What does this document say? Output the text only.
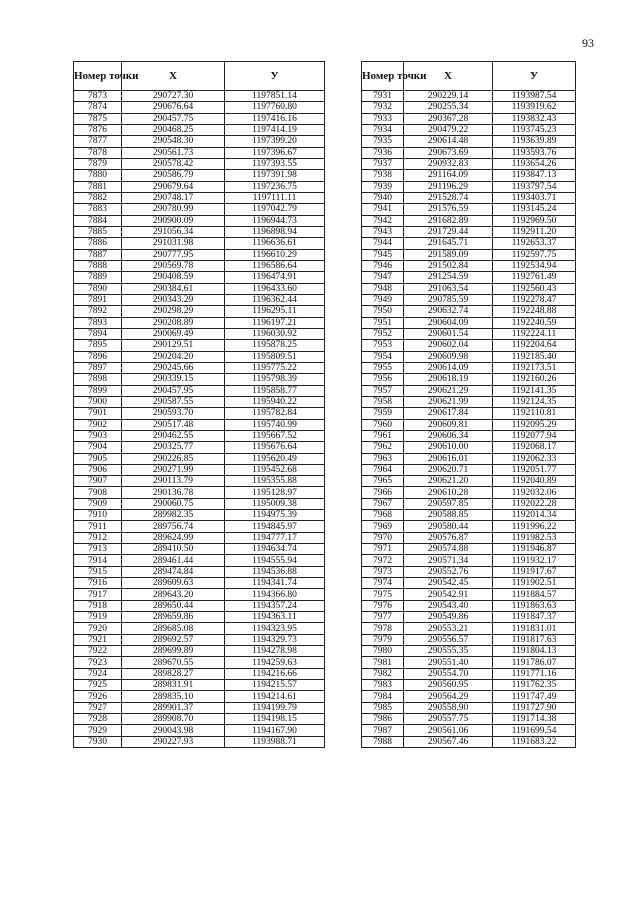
93
Номер точки	X	У
7873	290727.30	1197851.14
7874	290676.64	1197760.80
7875	290457.75	1197416.16
7876	290468.25	1197414.19
7877	290548.30	1197399.20
7878	290561.73	1197396.67
7879	290578.42	1197393.55
7880	290586.79	1197391.98
7881	290679.64	1197236.75
7882	290748.17	1197111.11
7883	290780.99	1197042.79
7884	290900.09	1196944.73
7885	291056.34	1196898.94
7886	291031.98	1196636.61
7887	290777.95	1196610.29
7888	290569.78	1196586.64
7889	290408.59	1196474.91
7890	290384.61	1196433.60
7891	290343.29	1196362.44
7892	290298.29	1196295.11
7893	290208.89	1196197.21
7894	290069.49	1196030.92
7895	290129.51	1195878.25
7896	290204.20	1195809.51
7897	290245.66	1195775.22
7898	290339.15	1195798.39
7899	290457.95	1195858.77
7900	290587.55	1195940.22
7901	290593.70	1195782.84
7902	290517.48	1195740.99
7903	290462.55	1195667.52
7904	290325.77	1195676.64
7905	290226.85	1195620.49
7906	290271.99	1195452.68
7907	290113.79	1195355.88
7908	290136.78	1195128.97
7909	290060.75	1195009.38
7910	289982.35	1194975.39
7911	289756.74	1194845.97
7912	289624.99	1194777.17
7913	289410.50	1194634.74
7914	289461.44	1194555.94
7915	289474.84	1194536.88
7916	289609.63	1194341.74
7917	289643.20	1194366.80
7918	289650.44	1194357.24
7919	289659.86	1194363.11
7920	289685.08	1194323.95
7921	289692.57	1194329.73
7922	289699.89	1194278.98
7923	289670.55	1194259.63
7924	289828.27	1194216.66
7925	289831.91	1194215.57
7926	289835.10	1194214.61
7927	289901.37	1194199.79
7928	289908.70	1194198.15
7929	290043.98	1194167.90
7930	290227.93	1193988.71
Номер точки	X	У
7931	290229.14	1193987.54
7932	290255.34	1193919.62
7933	290367.28	1193832.43
7934	290479.22	1193745.23
7935	290614.48	1193639.89
7936	290673.69	1193593.76
7937	290932.83	1193654.26
7938	291164.09	1193847.13
7939	291196.29	1193797.54
7940	291528.74	1193403.71
7941	291576.59	1193145.24
7942	291682.89	1192969.50
7943	291729.44	1192911.20
7944	291645.71	1192653.37
7945	291589.09	1192597.75
7946	291502.84	1192534.94
7947	291254.59	1192761.49
7948	291063.54	1192560.43
7949	290785.59	1192278.47
7950	290632.74	1192248.88
7951	290604.09	1192240.59
7952	290601.54	1192224.11
7953	290602.04	1192204.64
7954	290609.98	1192185.40
7955	290614.09	1192173.51
7956	290618.19	1192160.26
7957	290621.29	1192141.35
7958	290621.99	1192124.35
7959	290617.84	1192110.81
7960	290609.81	1192095.29
7961	290606.34	1192077.94
7962	290610.00	1192068.17
7963	290616.01	1192062.33
7964	290620.71	1192051.77
7965	290621.20	1192040.89
7966	290610.28	1192032.06
7967	290597.85	1192022.28
7968	290588.85	1192014.34
7969	290580.44	1191996.22
7970	290576.87	1191982.53
7971	290574.88	1191946.87
7972	290571.34	1191932.17
7973	290552.76	1191917.67
7974	290542.45	1191902.51
7975	290542.91	1191884.57
7976	290543.40	1191863.63
7977	290549.86	1191847.37
7978	290553.21	1191831.01
7979	290556.57	1191817.63
7980	290555.35	1191804.13
7981	290551.40	1191786.07
7982	290554.70	1191771.16
7983	290560.95	1191762.35
7984	290564.29	1191747.49
7985	290558.90	1191727.90
7986	290557.75	1191714.38
7987	290561.06	1191699.54
7988	290567.46	1191683.22
